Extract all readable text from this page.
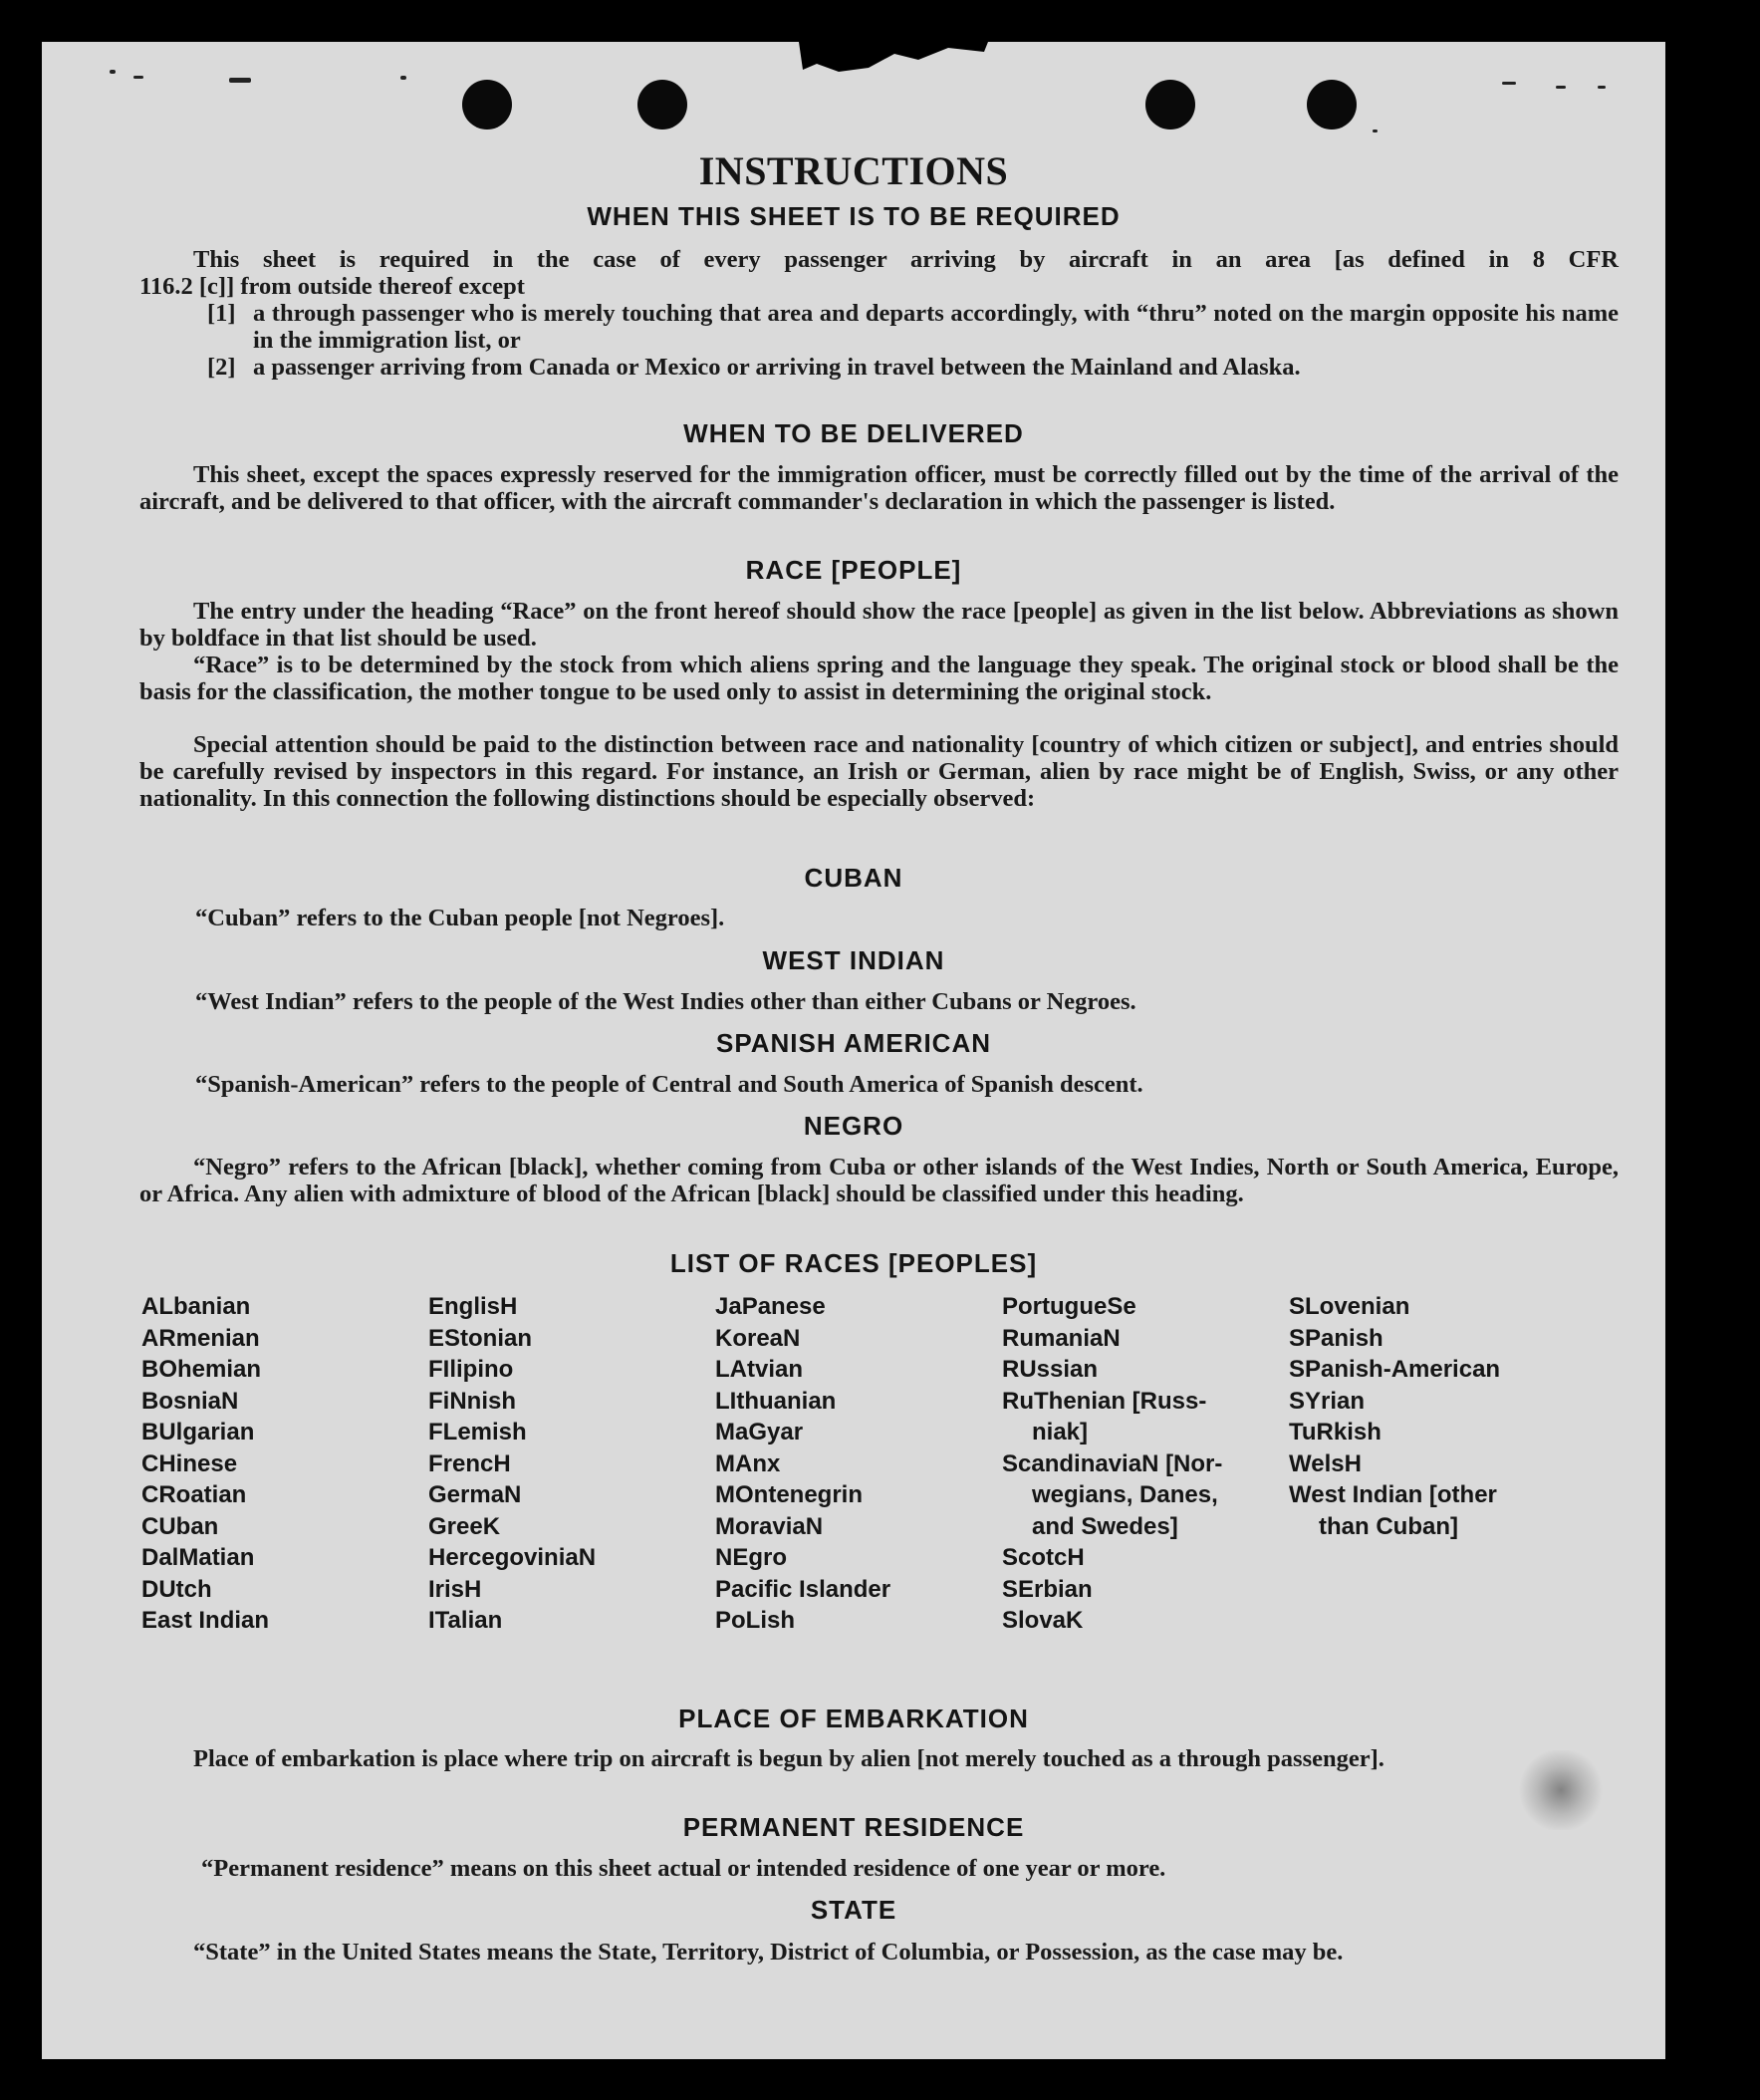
INSTRUCTIONS
WHEN THIS SHEET IS TO BE REQUIRED
This sheet is required in the case of every passenger arriving by aircraft in an area [as defined in 8 CFR
116.2 [c]] from outside thereof except
[1] a through passenger who is merely touching that area and departs accordingly, with “thru” noted on the margin opposite his name in the immigration list, or
[2] a passenger arriving from Canada or Mexico or arriving in travel between the Mainland and Alaska.
WHEN TO BE DELIVERED
This sheet, except the spaces expressly reserved for the immigration officer, must be correctly filled out by the time of the arrival of the aircraft, and be delivered to that officer, with the aircraft commander's declaration in which the passenger is listed.
RACE [PEOPLE]
The entry under the heading “Race” on the front hereof should show the race [people] as given in the list below. Abbreviations as shown by boldface in that list should be used.
“Race” is to be determined by the stock from which aliens spring and the language they speak. The original stock or blood shall be the basis for the classification, the mother tongue to be used only to assist in determining the original stock.
Special attention should be paid to the distinction between race and nationality [country of which citizen or subject], and entries should be carefully revised by inspectors in this regard. For instance, an Irish or German, alien by race might be of English, Swiss, or any other nationality. In this connection the following distinctions should be especially observed:
CUBAN
“Cuban” refers to the Cuban people [not Negroes].
WEST INDIAN
“West Indian” refers to the people of the West Indies other than either Cubans or Negroes.
SPANISH AMERICAN
“Spanish-American” refers to the people of Central and South America of Spanish descent.
NEGRO
“Negro” refers to the African [black], whether coming from Cuba or other islands of the West Indies, North or South America, Europe, or Africa. Any alien with admixture of blood of the African [black] should be classified under this heading.
LIST OF RACES [PEOPLES]
ALbanian
ARmenian
BOhemian
BosniaN
BUlgarian
CHinese
CRoatian
CUban
DalMatian
DUtch
East Indian
EnglisH
EStonian
FIlipino
FiNnish
FLemish
FrencH
GermaN
GreeK
HercegoviniaN
IrisH
ITalian
JaPanese
KoreaN
LAtvian
LIthuanian
MaGyar
MAnx
MOntenegrin
MoraviaN
NEgro
Pacific Islander
PoLish
PortugueSe
RumaniaN
RUssian
RuThenian [Russ-
niak]
ScandinaviaN [Nor-
wegians, Danes,
and Swedes]
ScotcH
SErbian
SlovaK
SLovenian
SPanish
SPanish-American
SYrian
TuRkish
WelsH
West Indian [other
than Cuban]
PLACE OF EMBARKATION
Place of embarkation is place where trip on aircraft is begun by alien [not merely touched as a through passenger].
PERMANENT RESIDENCE
“Permanent residence” means on this sheet actual or intended residence of one year or more.
STATE
“State” in the United States means the State, Territory, District of Columbia, or Possession, as the case may be.
